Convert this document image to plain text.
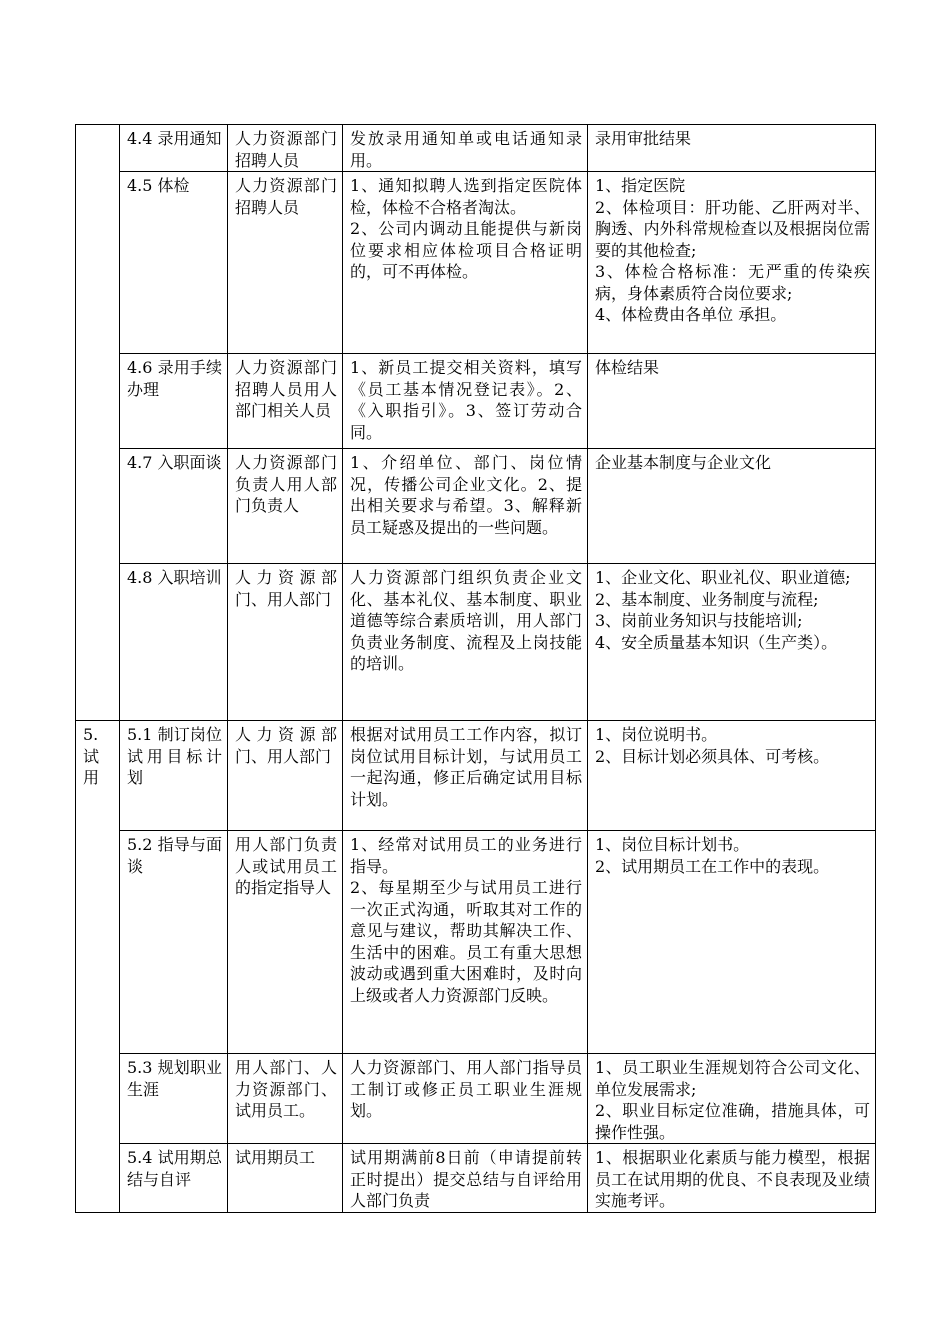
	4.4 录用通知	人力资源部门招聘人员	发放录用通知单或电话通知录用。	录用审批结果

	4.5 体检	人力资源部门招聘人员	1、通知拟聘人选到指定医院体检，体检不合格者淘汰。
2、公司内调动且能提供与新岗位要求相应体检项目合格证明的，可不再体检。	1、指定医院
2、体检项目：肝功能、乙肝两对半、胸透、内外科常规检查以及根据岗位需要的其他检查;
3、体检合格标准：无严重的传染疾病，身体素质符合岗位要求;
4、体检费由各单位 承担。

	4.6 录用手续办理	人力资源部门招聘人员用人部门相关人员	1、新员工提交相关资料，填写《员工基本情况登记表》。2、《入职指引》。3、签订劳动合同。	体检结果

	4.7 入职面谈	人力资源部门负责人用人部门负责人	1、介绍单位、部门、岗位情况，传播公司企业文化。2、提出相关要求与希望。3、解释新员工疑惑及提出的一些问题。	企业基本制度与企业文化

	4.8 入职培训	人力资源部门、用人部门	人力资源部门组织负责企业文化、基本礼仪、基本制度、职业道德等综合素质培训，用人部门负责业务制度、流程及上岗技能的培训。	1、企业文化、职业礼仪、职业道德;
2、基本制度、业务制度与流程;
3、岗前业务知识与技能培训;
4、安全质量基本知识（生产类）。

5. 试用	5.1 制订岗位试用目标计划	人力资源部门、用人部门	根据对试用员工工作内容，拟订岗位试用目标计划，与试用员工一起沟通，修正后确定试用目标计划。	1、岗位说明书。
2、目标计划必须具体、可考核。

	5.2 指导与面谈	用人部门负责人或试用员工的指定指导人	1、经常对试用员工的业务进行指导。
2、每星期至少与试用员工进行一次正式沟通，听取其对工作的意见与建议，帮助其解决工作、生活中的困难。员工有重大思想波动或遇到重大困难时，及时向上级或者人力资源部门反映。	1、岗位目标计划书。
2、试用期员工在工作中的表现。

	5.3 规划职业生涯	用人部门、人力资源部门、试用员工。	人力资源部门、用人部门指导员工制订或修正员工职业生涯规划。	1、员工职业生涯规划符合公司文化、单位发展需求;
2、职业目标定位准确，措施具体，可操作性强。

	5.4 试用期总结与自评	试用期员工	试用期满前8日前（申请提前转正时提出）提交总结与自评给用人部门负责	1、根据职业化素质与能力模型，根据员工在试用期的优良、不良表现及业绩实施考评。
